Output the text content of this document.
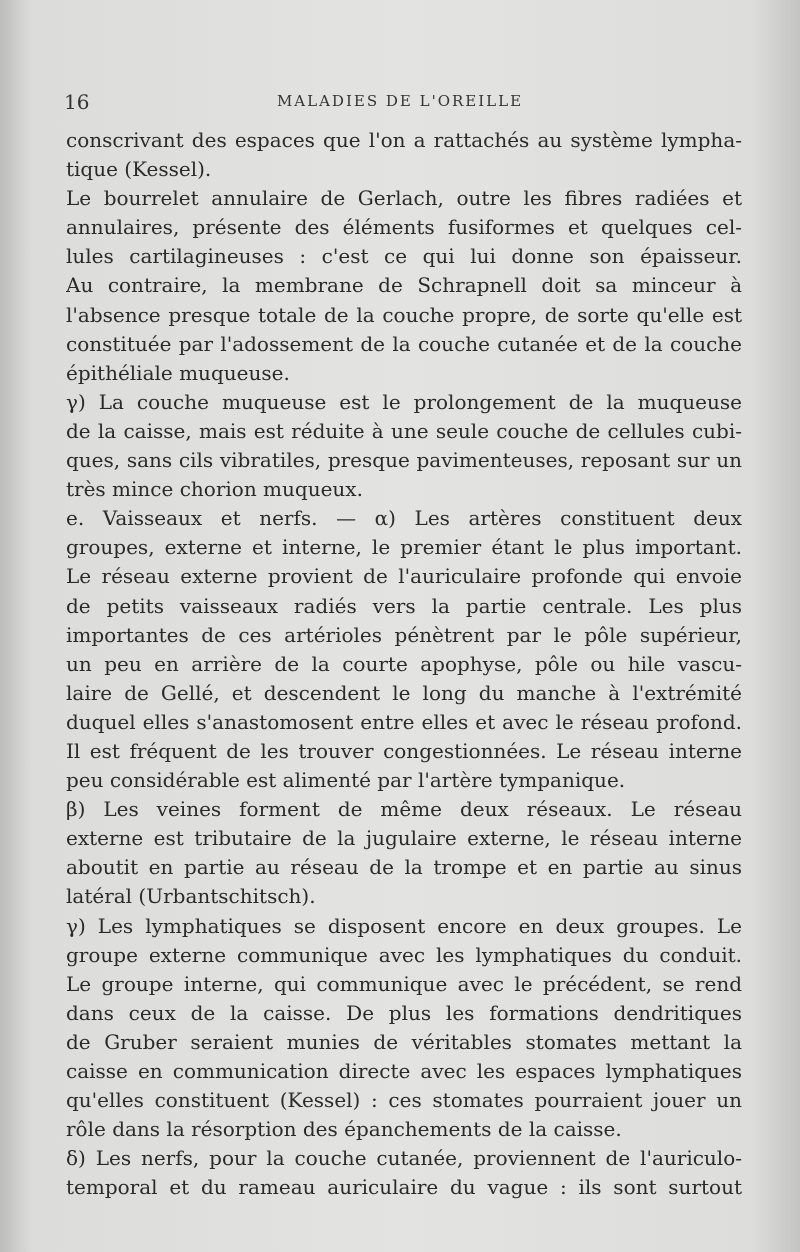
16	MALADIES DE L'OREILLE
conscrivant des espaces que l'on a rattachés au système lympha-
tique (Kessel).
Le bourrelet annulaire de Gerlach, outre les fibres radiées et
annulaires, présente des éléments fusiformes et quelques cel-
lules cartilagineuses : c'est ce qui lui donne son épaisseur.
Au contraire, la membrane de Schrapnell doit sa minceur à
l'absence presque totale de la couche propre, de sorte qu'elle est
constituée par l'adossement de la couche cutanée et de la couche
épithéliale muqueuse.
γ) La couche muqueuse est le prolongement de la muqueuse
de la caisse, mais est réduite à une seule couche de cellules cubi-
ques, sans cils vibratiles, presque pavimenteuses, reposant sur un
très mince chorion muqueux.
e. Vaisseaux et nerfs. — α) Les artères constituent deux
groupes, externe et interne, le premier étant le plus important.
Le réseau externe provient de l'auriculaire profonde qui envoie
de petits vaisseaux radiés vers la partie centrale. Les plus
importantes de ces artérioles pénètrent par le pôle supérieur,
un peu en arrière de la courte apophyse, pôle ou hile vascu-
laire de Gellé, et descendent le long du manche à l'extrémité
duquel elles s'anastomosent entre elles et avec le réseau profond.
Il est fréquent de les trouver congestionnées. Le réseau interne
peu considérable est alimenté par l'artère tympanique.
β) Les veines forment de même deux réseaux. Le réseau
externe est tributaire de la jugulaire externe, le réseau interne
aboutit en partie au réseau de la trompe et en partie au sinus
latéral (Urbantschitsch).
γ) Les lymphatiques se disposent encore en deux groupes. Le
groupe externe communique avec les lymphatiques du conduit.
Le groupe interne, qui communique avec le précédent, se rend
dans ceux de la caisse. De plus les formations dendritiques
de Gruber seraient munies de véritables stomates mettant la
caisse en communication directe avec les espaces lymphatiques
qu'elles constituent (Kessel) : ces stomates pourraient jouer un
rôle dans la résorption des épanchements de la caisse.
δ) Les nerfs, pour la couche cutanée, proviennent de l'auriculo-
temporal et du rameau auriculaire du vague : ils sont surtout
